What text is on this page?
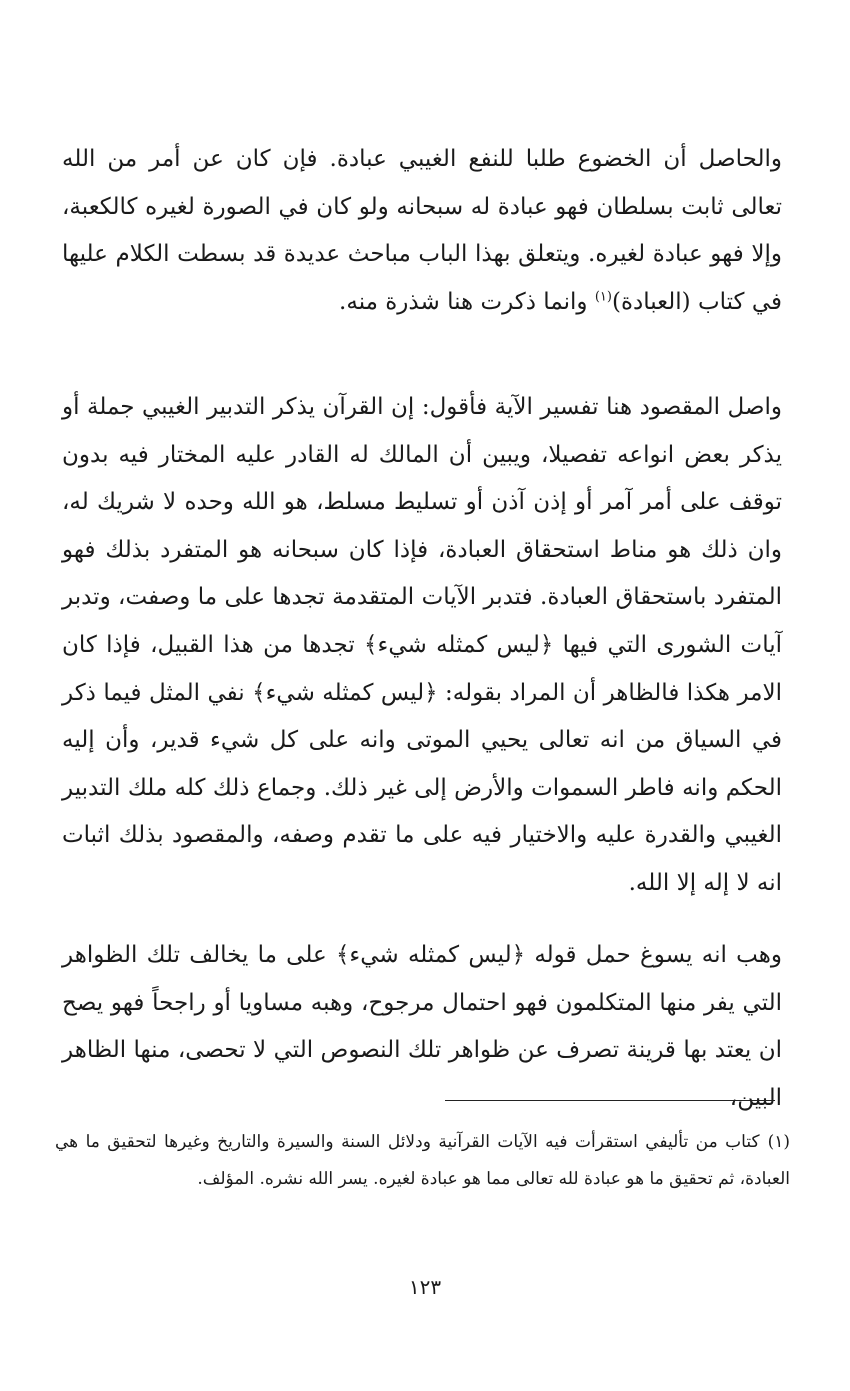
والحاصل أن الخضوع طلبا للنفع الغيبي عبادة. فإن كان عن أمر من الله تعالى ثابت بسلطان فهو عبادة له سبحانه ولو كان في الصورة لغيره كالكعبة، وإلا فهو عبادة لغيره. ويتعلق بهذا الباب مباحث عديدة قد بسطت الكلام عليها في كتاب (العبادة)$^{(١)}$ وانما ذكرت هنا شذرة منه.

واصل المقصود هنا تفسير الآية فأقول: إن القرآن يذكر التدبير الغيبي جملة أو يذكر بعض انواعه تفصيلا، ويبين أن المالك له القادر عليه المختار فيه بدون توقف على أمر آمر أو إذن آذن أو تسليط مسلط، هو الله وحده لا شريك له، وان ذلك هو مناط استحقاق العبادة، فإذا كان سبحانه هو المتفرد بذلك فهو المتفرد باستحقاق العبادة. فتدبر الآيات المتقدمة تجدها على ما وصفت، وتدبر آيات الشورى التي فيها ﴿ليس كمثله شيء﴾ تجدها من هذا القبيل، فإذا كان الامر هكذا فالظاهر أن المراد بقوله: ﴿ليس كمثله شيء﴾ نفي المثل فيما ذكر في السياق من انه تعالى يحيي الموتى وانه على كل شيء قدير، وأن إليه الحكم وانه فاطر السموات والأرض إلى غير ذلك. وجماع ذلك كله ملك التدبير الغيبي والقدرة عليه والاختيار فيه على ما تقدم وصفه، والمقصود بذلك اثبات انه لا إله إلا الله.

وهب انه يسوغ حمل قوله ﴿ليس كمثله شيء﴾ على ما يخالف تلك الظواهر التي يفر منها المتكلمون فهو احتمال مرجوح، وهبه مساويا أو راجحاً فهو يصح ان يعتد بها قرينة تصرف عن ظواهر تلك النصوص التي لا تحصى، منها الظاهر البين،

(١)كتاب من تأليفي استقرأت فيه الآيات القرآنية ودلائل السنة والسيرة والتاريخ وغيرها لتحقيق ما هي العبادة، ثم تحقيق ما هو عبادة لله تعالى مما هو عبادة لغيره. يسر الله نشره. المؤلف.

١٢٣
